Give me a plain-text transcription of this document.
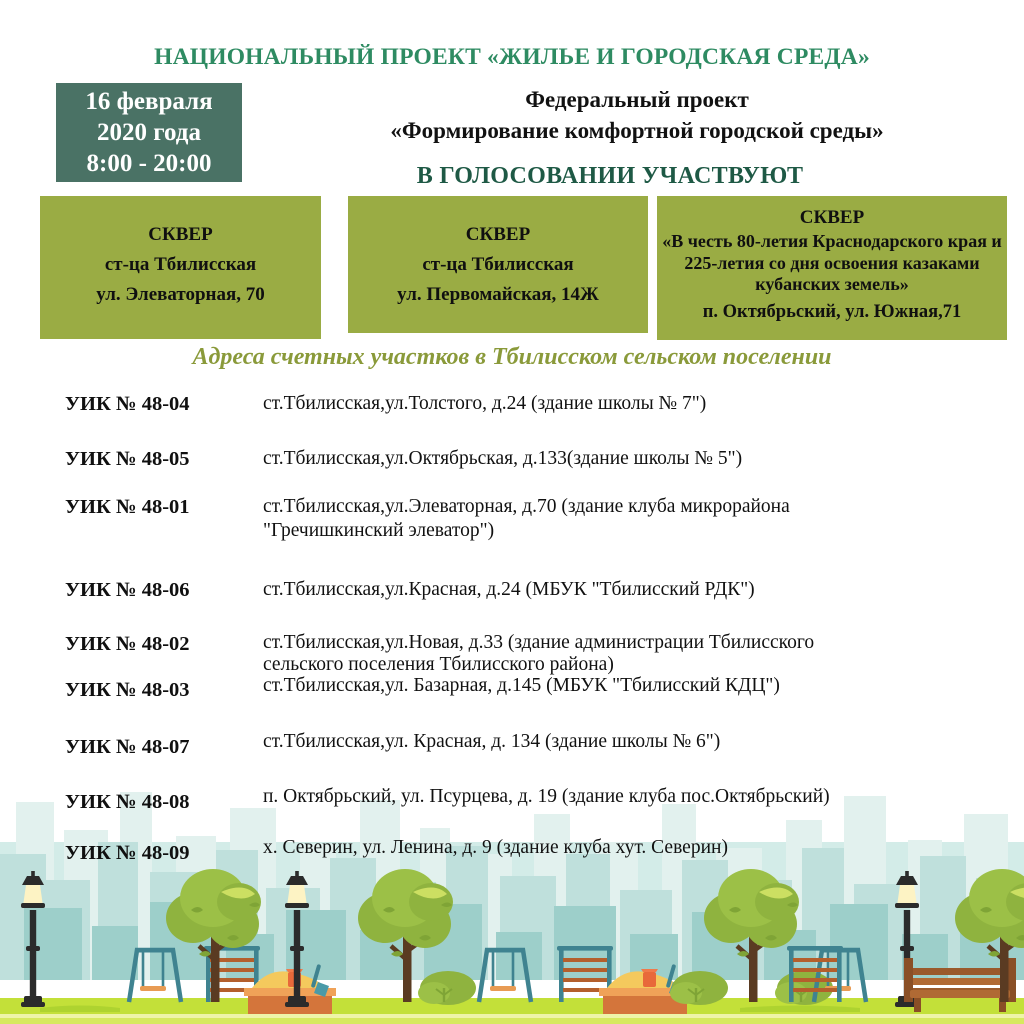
НАЦИОНАЛЬНЫЙ ПРОЕКТ «ЖИЛЬЕ И ГОРОДСКАЯ СРЕДА»
16 февраля
2020 года
8:00 - 20:00
Федеральный проект
«Формирование комфортной городской среды»
В ГОЛОСОВАНИИ УЧАСТВУЮТ
СКВЕР
ст-ца Тбилисская
ул. Элеваторная, 70
СКВЕР
ст-ца Тбилисская
ул. Первомайская, 14Ж
СКВЕР
«В честь 80-летия Краснодарского края и 225-летия со дня освоения казаками кубанских земель»
п. Октябрьский, ул. Южная,71
Адреса счетных участков в Тбилисском сельском поселении
УИК № 48-04	ст.Тбилисская,ул.Толстого, д.24 (здание школы № 7")
УИК № 48-05	ст.Тбилисская,ул.Октябрьская, д.133(здание школы № 5")
УИК № 48-01	ст.Тбилисская,ул.Элеваторная, д.70 (здание клуба микрорайона
"Гречишкинский элеватор")
УИК № 48-06	ст.Тбилисская,ул.Красная, д.24 (МБУК "Тбилисский РДК")
УИК № 48-02	ст.Тбилисская,ул.Новая, д.33 (здание администрации Тбилисского
сельского поселения Тбилисского района)
УИК № 48-03	ст.Тбилисская,ул. Базарная, д.145 (МБУК "Тбилисский КДЦ")
УИК № 48-07	ст.Тбилисская,ул. Красная, д. 134 (здание школы № 6")
УИК № 48-08	п. Октябрьский, ул. Псурцева, д. 19 (здание клуба пос.Октябрьский)
УИК № 48-09	х. Северин, ул. Ленина, д. 9 (здание клуба хут. Северин)
